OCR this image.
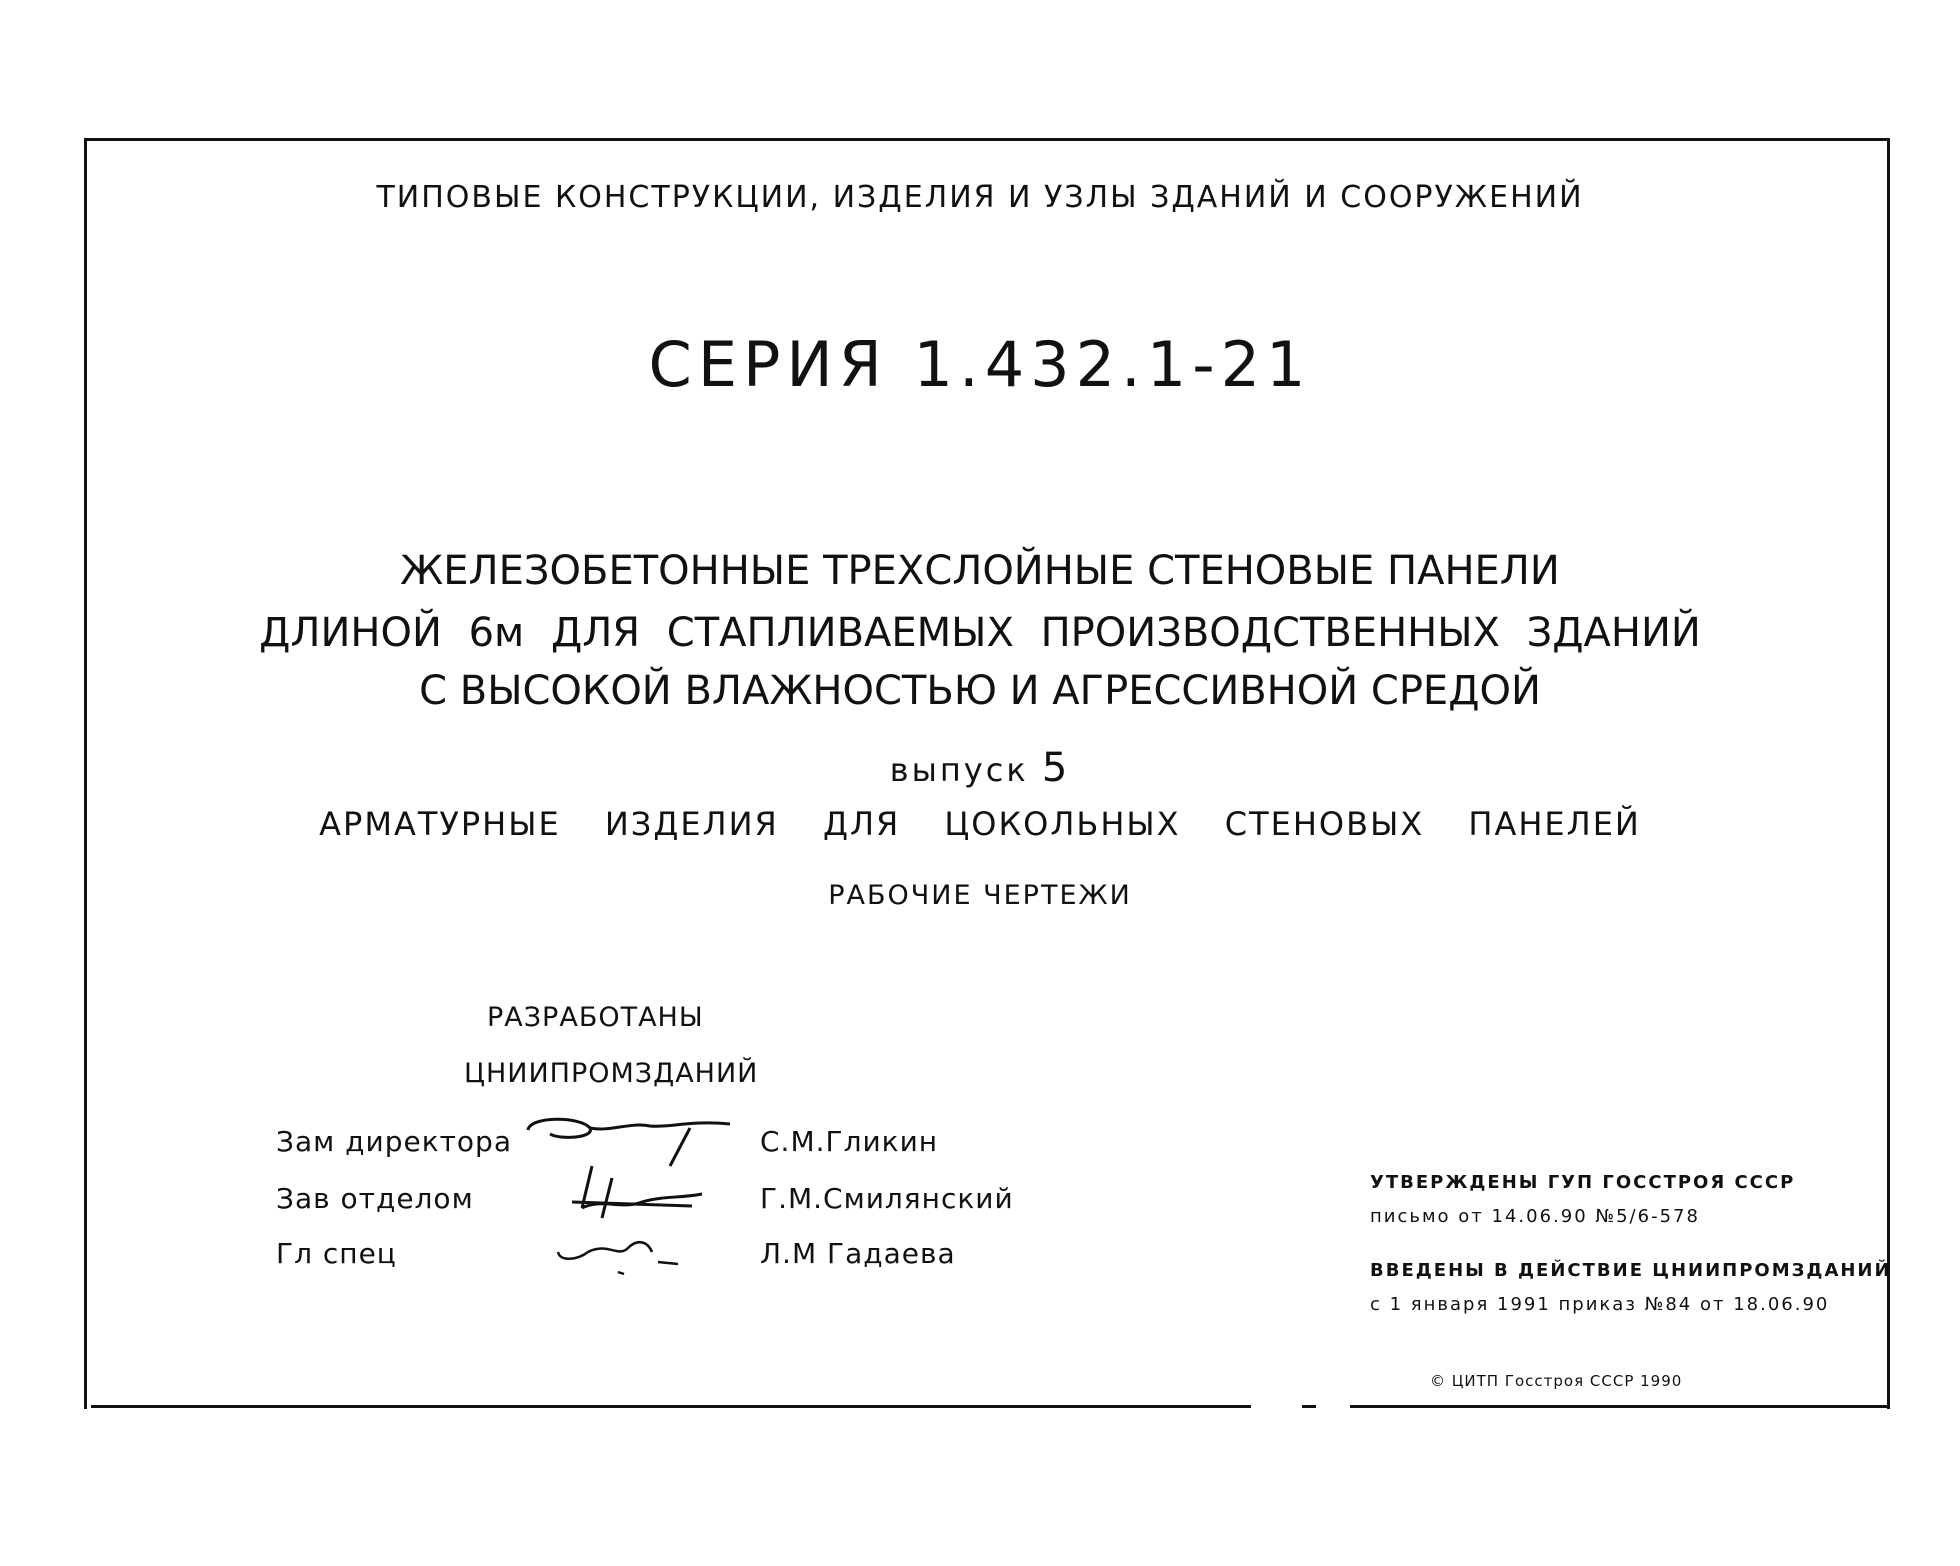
ТИПОВЫЕ КОНСТРУКЦИИ, ИЗДЕЛИЯ И УЗЛЫ ЗДАНИЙ И СООРУЖЕНИЙ
СЕРИЯ 1.432.1-21
ЖЕЛЕЗОБЕТОННЫЕ ТРЕХСЛОЙНЫЕ СТЕНОВЫЕ ПАНЕЛИ
ДЛИНОЙ 6м ДЛЯ СТАПЛИВАЕМЫХ ПРОИЗВОДСТВЕННЫХ ЗДАНИЙ
С ВЫСОКОЙ ВЛАЖНОСТЬЮ И АГРЕССИВНОЙ СРЕДОЙ
выпуск 5
АРМАТУРНЫЕ ИЗДЕЛИЯ ДЛЯ ЦОКОЛЬНЫХ СТЕНОВЫХ ПАНЕЛЕЙ
РАБОЧИЕ ЧЕРТЕЖИ
РАЗРАБОТАНЫ
ЦНИИПРОМЗДАНИЙ
Зам директора
Зав отделом
Гл спец
С.М.Гликин
Г.М.Смилянский
Л.М Гадаева
УТВЕРЖДЕНЫ ГУП ГОССТРОЯ СССР
письмо от 14.06.90 №5/6-578
ВВЕДЕНЫ В ДЕЙСТВИЕ ЦНИИПРОМЗДАНИЙ
с 1 января 1991 приказ №84 от 18.06.90
© ЦИТП Госстроя СССР 1990
